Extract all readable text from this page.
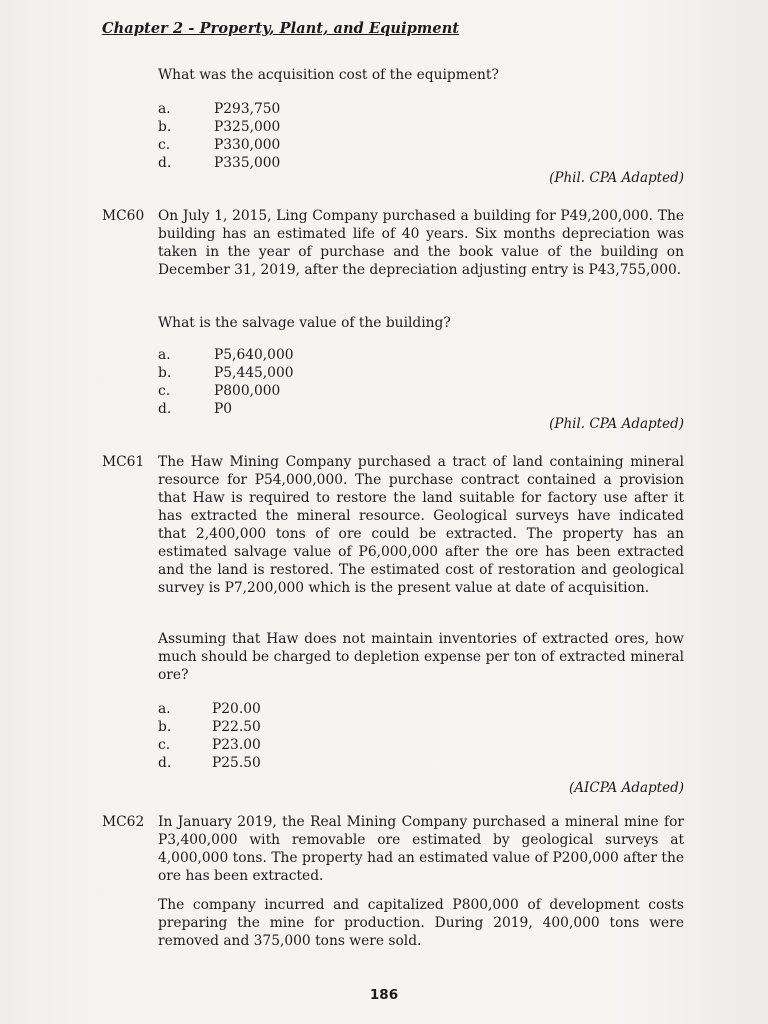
Chapter 2 - Property, Plant, and Equipment
What was the acquisition cost of the equipment?
a.	P293,750
b.	P325,000
c.	P330,000
d.	P335,000
(Phil. CPA Adapted)
MC60 On July 1, 2015, Ling Company purchased a building for P49,200,000. The building has an estimated life of 40 years. Six months depreciation was taken in the year of purchase and the book value of the building on December 31, 2019, after the depreciation adjusting entry is P43,755,000.
What is the salvage value of the building?
a.	P5,640,000
b.	P5,445,000
c.	P800,000
d.	P0
(Phil. CPA Adapted)
MC61 The Haw Mining Company purchased a tract of land containing mineral resource for P54,000,000. The purchase contract contained a provision that Haw is required to restore the land suitable for factory use after it has extracted the mineral resource. Geological surveys have indicated that 2,400,000 tons of ore could be extracted. The property has an estimated salvage value of P6,000,000 after the ore has been extracted and the land is restored. The estimated cost of restoration and geological survey is P7,200,000 which is the present value at date of acquisition.
Assuming that Haw does not maintain inventories of extracted ores, how much should be charged to depletion expense per ton of extracted mineral ore?
a.	P20.00
b.	P22.50
c.	P23.00
d.	P25.50
(AICPA Adapted)
MC62 In January 2019, the Real Mining Company purchased a mineral mine for P3,400,000 with removable ore estimated by geological surveys at 4,000,000 tons. The property had an estimated value of P200,000 after the ore has been extracted.
The company incurred and capitalized P800,000 of development costs preparing the mine for production. During 2019, 400,000 tons were removed and 375,000 tons were sold.
186
